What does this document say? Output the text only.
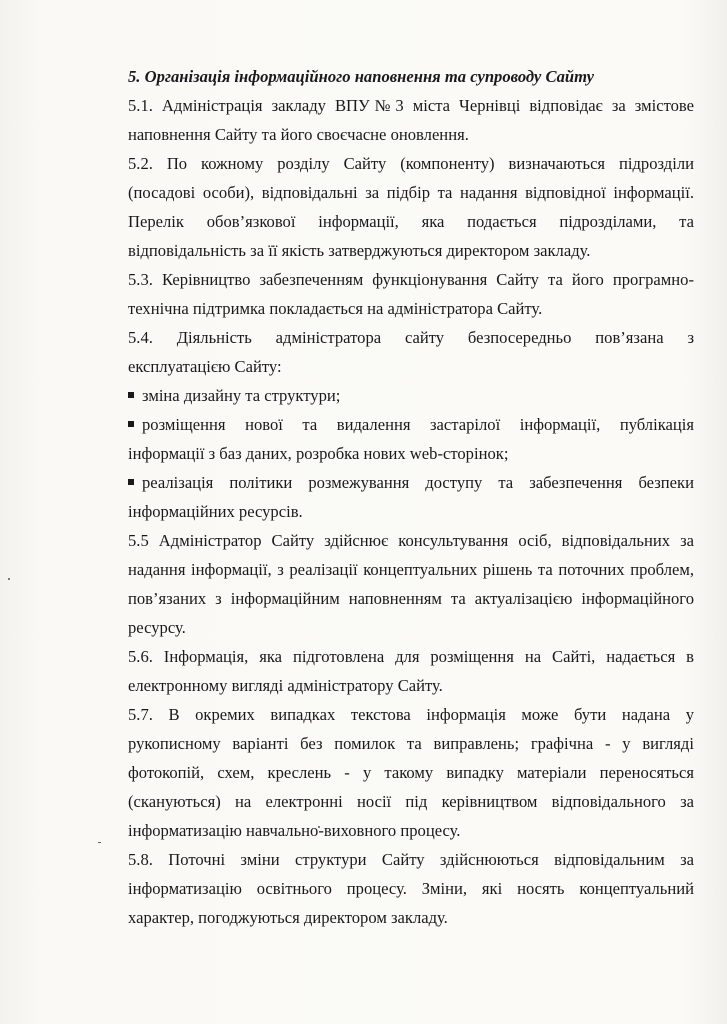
5. Організація інформаційного наповнення та супроводу Сайту
5.1. Адміністрація закладу ВПУ№3 міста Чернівці відповідає за змістове
наповнення Сайту та його своєчасне оновлення.
5.2. По кожному розділу Сайту (компоненту) визначаються підрозділи
(посадові особи), відповідальні за підбір та надання відповідної інформації.
Перелік обов’язкової інформації, яка подається підрозділами, та
відповідальність за її якість затверджуються директором закладу.
5.3. Керівництво забезпеченням функціонування Сайту та його програмно-
технічна підтримка покладається на адміністратора Сайту.
5.4. Діяльність адміністратора сайту безпосередньо пов’язана з
експлуатацією Сайту:
зміна дизайну та структури;
розміщення нової та видалення застарілої інформації, публікація
інформації з баз даних, розробка нових web-сторінок;
реалізація політики розмежування доступу та забезпечення безпеки
інформаційних ресурсів.
5.5 Адміністратор Сайту здійснює консультування осіб, відповідальних за
надання інформації, з реалізації концептуальних рішень та поточних проблем,
пов’язаних з інформаційним наповненням та актуалізацією інформаційного
ресурсу.
5.6. Інформація, яка підготовлена для розміщення на Сайті, надається в
електронному вигляді адміністратору Сайту.
5.7. В окремих випадках текстова інформація може бути надана у
рукописному варіанті без помилок та виправлень; графічна - у вигляді
фотокопій, схем, креслень - у такому випадку матеріали переносяться
(скануються) на електронні носії під керівництвом відповідального за
інформатизацію навчально-виховного процесу.
5.8. Поточні зміни структури Сайту здійснюються відповідальним за
інформатизацію освітнього процесу. Зміни, які носять концептуальний
характер, погоджуються директором закладу.
